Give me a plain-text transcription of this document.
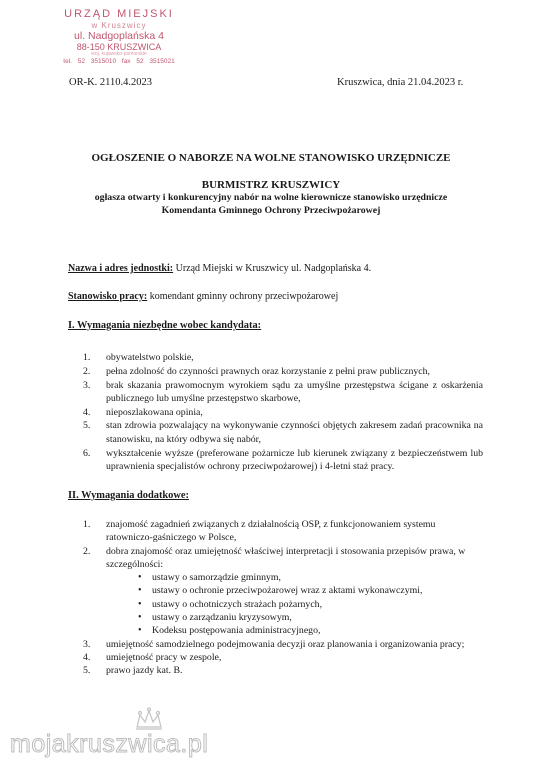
URZĄD MIEJSKI
w Kruszwicy
ul. Nadgoplańska 4
88-150 KRUSZWICA
woj. kujawsko-pomorskie
tel. 52 3515010 fax 52 3515021
OR-K. 2110.4.2023	Kruszwica, dnia 21.04.2023 r.
OGŁOSZENIE O NABORZE NA WOLNE STANOWISKO URZĘDNICZE
BURMISTRZ KRUSZWICY
ogłasza otwarty i konkurencyjny nabór na wolne kierownicze stanowisko urzędnicze
Komendanta Gminnego Ochrony Przeciwpożarowej
Nazwa i adres jednostki: Urząd Miejski w Kruszwicy ul. Nadgoplańska 4.
Stanowisko pracy: komendant gminny ochrony przeciwpożarowej
I. Wymagania niezbędne wobec kandydata:
1. obywatelstwo polskie,
2. pełna zdolność do czynności prawnych oraz korzystanie z pełni praw publicznych,
3. brak skazania prawomocnym wyrokiem sądu za umyślne przestępstwa ścigane z oskarżenia publicznego lub umyślne przestępstwo skarbowe,
4. nieposzlakowana opinia,
5. stan zdrowia pozwalający na wykonywanie czynności objętych zakresem zadań pracownika na stanowisku, na który odbywa się nabór,
6. wykształcenie wyższe (preferowane pożarnicze lub kierunek związany z bezpieczeństwem lub uprawnienia specjalistów ochrony przeciwpożarowej) i 4-letni staż pracy.
II. Wymagania dodatkowe:
1. znajomość zagadnień związanych z działalnością OSP, z funkcjonowaniem systemu ratowniczo-gaśniczego w Polsce,
2. dobra znajomość oraz umiejętność właściwej interpretacji i stosowania przepisów prawa, w szczególności:
• ustawy o samorządzie gminnym,
• ustawy o ochronie przeciwpożarowej wraz z aktami wykonawczymi,
• ustawy o ochotniczych strażach pożarnych,
• ustawy o zarządzaniu kryzysowym,
• Kodeksu postępowania administracyjnego,
3. umiejętność samodzielnego podejmowania decyzji oraz planowania i organizowania pracy;
4. umiejętność pracy w zespole,
5. prawo jazdy kat. B.
mojakruszwica.pl
